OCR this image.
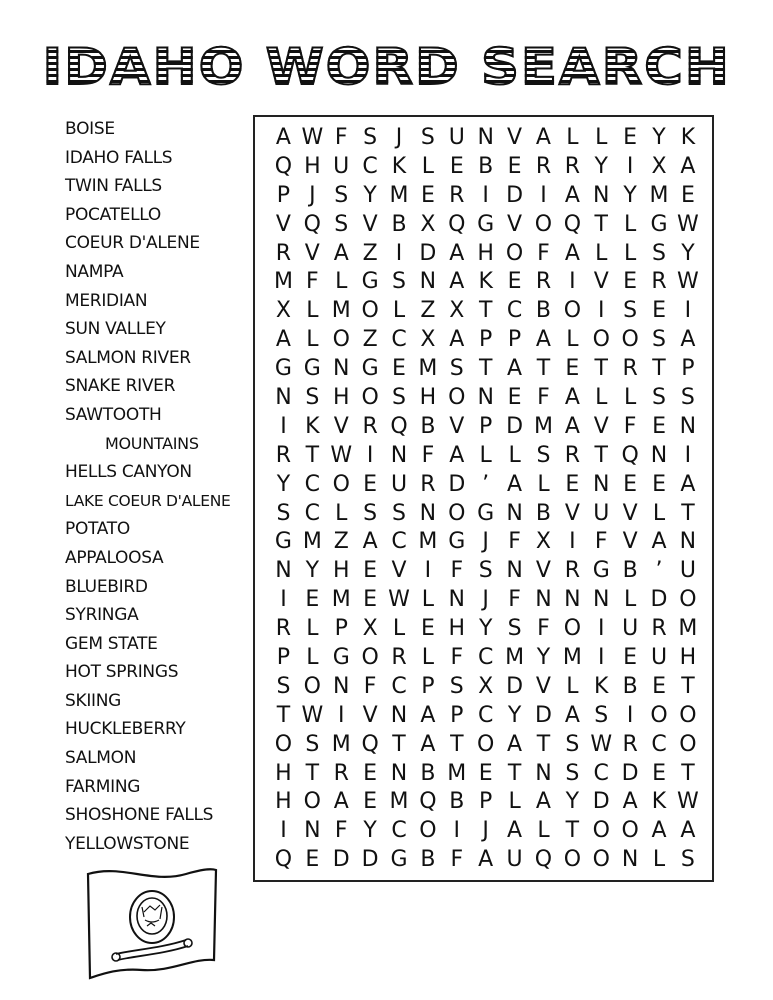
IDAHO WORD SEARCH
BOISE
IDAHO FALLS
TWIN FALLS
POCATELLO
COEUR D'ALENE
NAMPA
MERIDIAN
SUN VALLEY
SALMON RIVER
SNAKE RIVER
SAWTOOTH
MOUNTAINS
HELLS CANYON
LAKE COEUR D'ALENE
POTATO
APPALOOSA
BLUEBIRD
SYRINGA
GEM STATE
HOT SPRINGS
SKIING
HUCKLEBERRY
SALMON
FARMING
SHOSHONE FALLS
YELLOWSTONE
A W F S J S U N V A L L E Y K
Q H U C K L E B E R R Y I X A
P J S Y M E R I D I A N Y M E
V Q S V B X Q G V O Q T L G W
R V A Z I D A H O F A L L S Y
M F L G S N A K E R I V E R W
X L M O L Z X T C B O I S E I
A L O Z C X A P P A L O O S A
G G N G E M S T A T E T R T P
N S H O S H O N E F A L L S S
I K V R Q B V P D M A V F E N
R T W I N F A L L S R T Q N I
Y C O E U R D ’ A L E N E E A
S C L S S N O G N B V U V L T
G M Z A C M G J F X I F V A N
N Y H E V I F S N V R G B ’ U
I E M E W L N J F N N N L D O
R L P X L E H Y S F O I U R M
P L G O R L F C M Y M I E U H
S O N F C P S X D V L K B E T
T W I V N A P C Y D A S I O O
O S M Q T A T O A T S W R C O
H T R E N B M E T N S C D E T
H O A E M Q B P L A Y D A K W
I N F Y C O I	J A L T O O A A
Q E D D G B F A U Q O O N L S
